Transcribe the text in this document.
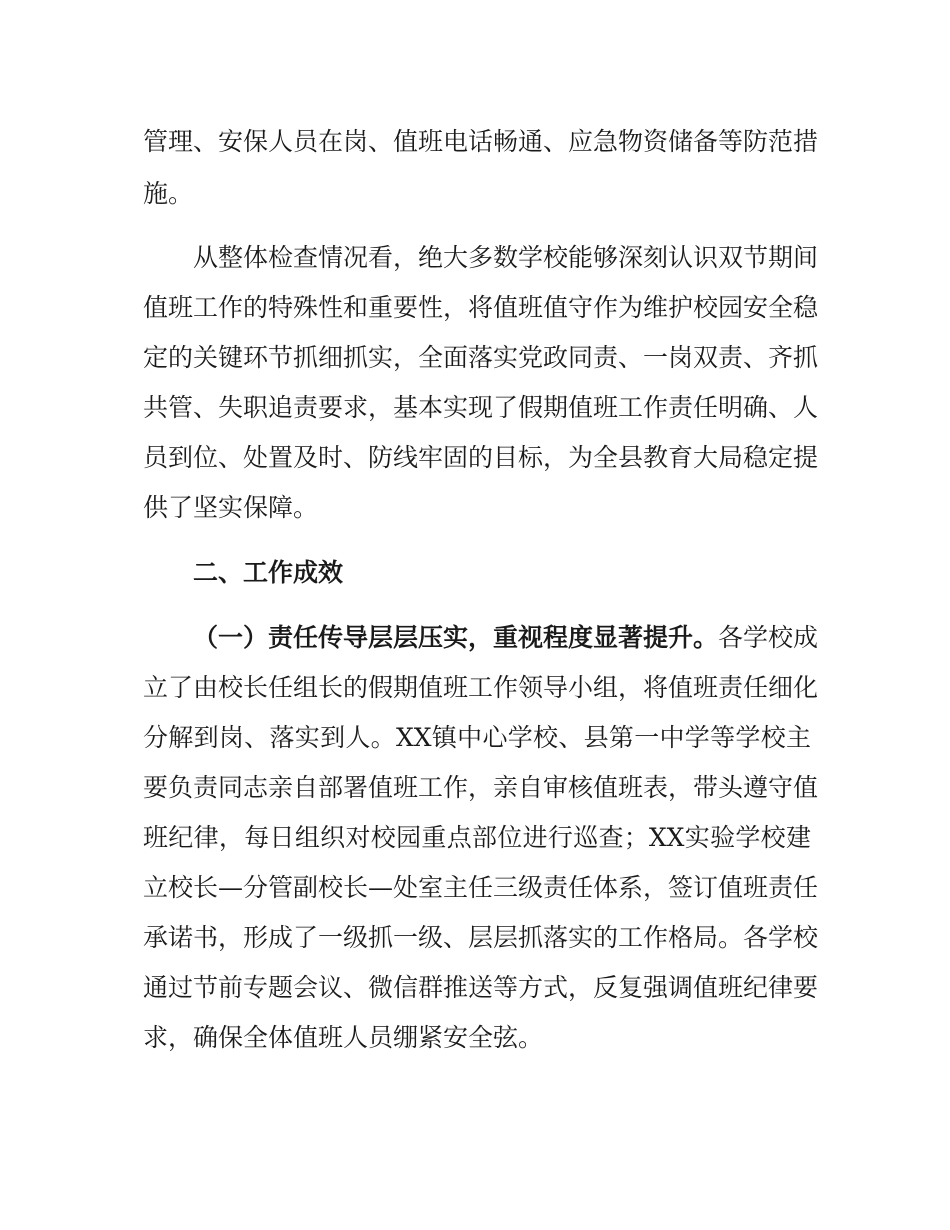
管理、安保人员在岗、值班电话畅通、应急物资储备等防范措
施。
从整体检查情况看，绝大多数学校能够深刻认识双节期间
值班工作的特殊性和重要性，将值班值守作为维护校园安全稳
定的关键环节抓细抓实，全面落实党政同责、一岗双责、齐抓
共管、失职追责要求，基本实现了假期值班工作责任明确、人
员到位、处置及时、防线牢固的目标，为全县教育大局稳定提
供了坚实保障。
二、工作成效
（一）责任传导层层压实，重视程度显著提升。各学校成
立了由校长任组长的假期值班工作领导小组，将值班责任细化
分解到岗、落实到人。XX镇中心学校、县第一中学等学校主
要负责同志亲自部署值班工作，亲自审核值班表，带头遵守值
班纪律，每日组织对校园重点部位进行巡查；XX实验学校建
立校长—分管副校长—处室主任三级责任体系，签订值班责任
承诺书，形成了一级抓一级、层层抓落实的工作格局。各学校
通过节前专题会议、微信群推送等方式，反复强调值班纪律要
求，确保全体值班人员绷紧安全弦。
